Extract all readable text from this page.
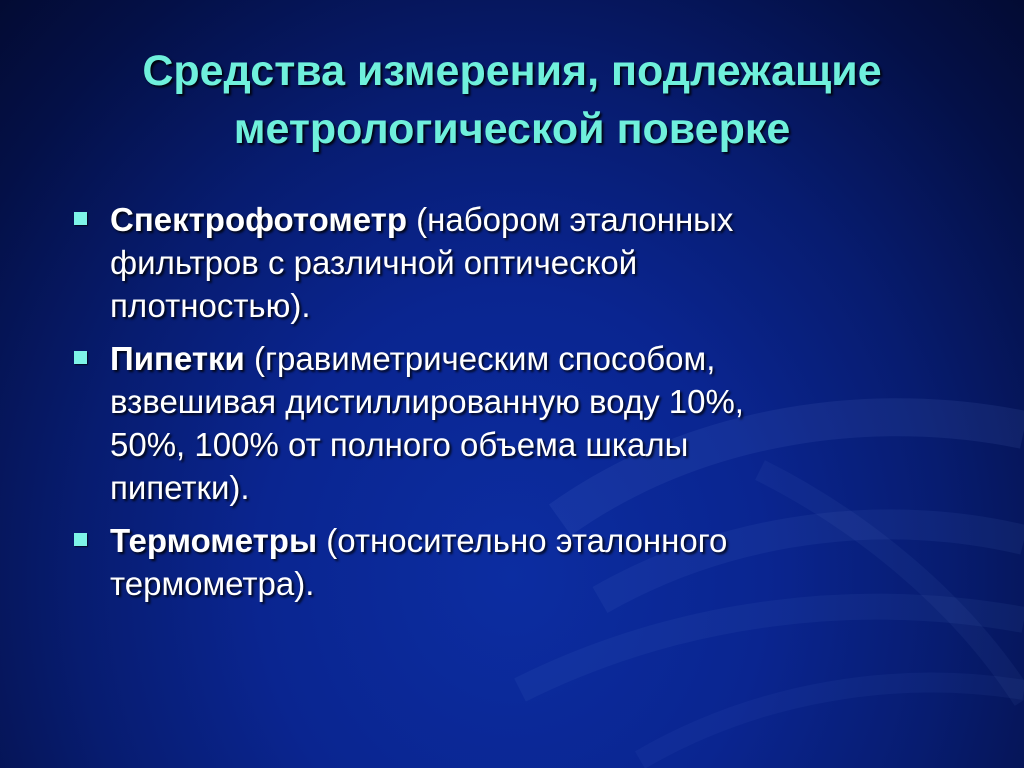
Средства измерения, подлежащие
метрологической поверке
Спектрофотометр (набором эталонных
фильтров с различной оптической
плотностью).
Пипетки (гравиметрическим способом,
взвешивая дистиллированную воду 10%,
50%, 100% от полного объема шкалы
пипетки).
Термометры (относительно эталонного
термометра).
